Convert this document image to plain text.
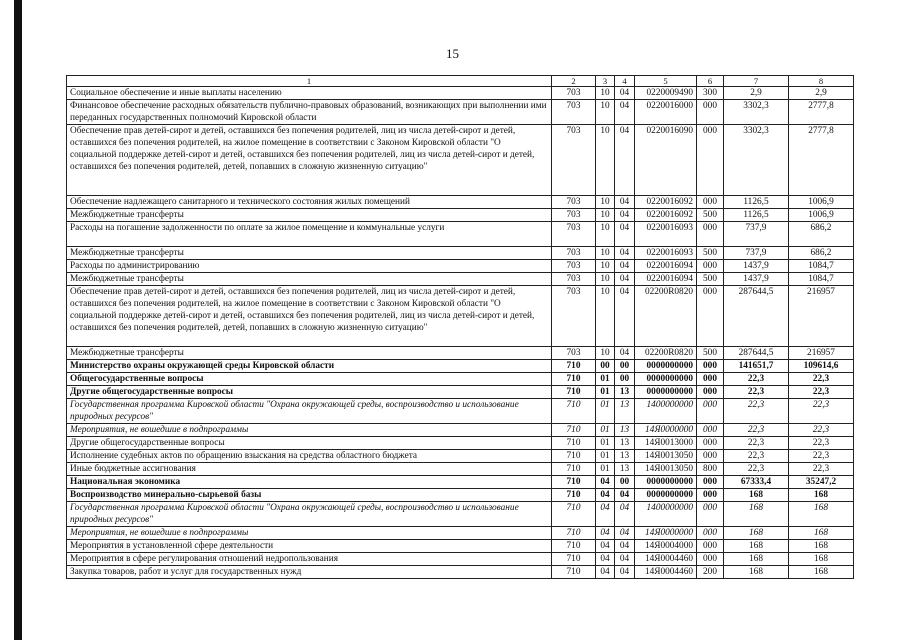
15
1	2	3	4	5	6	7	8
Социальное обеспечение и иные выплаты населению	703	10	04	0220009490	300	2,9	2,9
Финансовое обеспечение расходных обязательств публично-правовых образований, возникающих при выполнении ими переданных государственных полномочий Кировской области	703	10	04	0220016000	000	3302,3	2777,8
Обеспечение прав детей-сирот и детей, оставшихся без попечения родителей, лиц из числа детей-сирот и детей, оставшихся без попечения родителей, на жилое помещение в соответствии с Законом Кировской области "О социальной поддержке детей-сирот и детей, оставшихся без попечения родителей, лиц из числа детей-сирот и детей, оставшихся без попечения родителей, детей, попавших в сложную жизненную ситуацию"	703	10	04	0220016090	000	3302,3	2777,8
Обеспечение надлежащего санитарного и технического состояния жилых помещений	703	10	04	0220016092	000	1126,5	1006,9
Межбюджетные трансферты	703	10	04	0220016092	500	1126,5	1006,9
Расходы на погашение задолженности по оплате за жилое помещение и коммунальные услуги	703	10	04	0220016093	000	737,9	686,2
Межбюджетные трансферты	703	10	04	0220016093	500	737,9	686,2
Расходы по администрированию	703	10	04	0220016094	000	1437,9	1084,7
Межбюджетные трансферты	703	10	04	0220016094	500	1437,9	1084,7
Обеспечение прав детей-сирот и детей, оставшихся без попечения родителей, лиц из числа детей-сирот и детей, оставшихся без попечения родителей, на жилое помещение в соответствии с Законом Кировской области "О социальной поддержке детей-сирот и детей, оставшихся без попечения родителей, лиц из числа детей-сирот и детей, оставшихся без попечения родителей, детей, попавших в сложную жизненную ситуацию"	703	10	04	02200R0820	000	287644,5	216957
Межбюджетные трансферты	703	10	04	02200R0820	500	287644,5	216957
Министерство охраны окружающей среды Кировской области	710	00	00	0000000000	000	141651,7	109614,6
Общегосударственные вопросы	710	01	00	0000000000	000	22,3	22,3
Другие общегосударственные вопросы	710	01	13	0000000000	000	22,3	22,3
Государственная программа Кировской области "Охрана окружающей среды, воспроизводство и использование природных ресурсов"	710	01	13	1400000000	000	22,3	22,3
Мероприятия, не вошедшие в подпрограммы	710	01	13	14Я0000000	000	22,3	22,3
Другие общегосударственные вопросы	710	01	13	14Я0013000	000	22,3	22,3
Исполнение судебных актов по обращению взыскания на средства областного бюджета	710	01	13	14Я0013050	000	22,3	22,3
Иные бюджетные ассигнования	710	01	13	14Я0013050	800	22,3	22,3
Национальная экономика	710	04	00	0000000000	000	67333,4	35247,2
Воспроизводство минерально-сырьевой базы	710	04	04	0000000000	000	168	168
Государственная программа Кировской области "Охрана окружающей среды, воспроизводство и использование природных ресурсов"	710	04	04	1400000000	000	168	168
Мероприятия, не вошедшие в подпрограммы	710	04	04	14Я0000000	000	168	168
Мероприятия в установленной сфере деятельности	710	04	04	14Я0004000	000	168	168
Мероприятия в сфере регулирования отношений недропользования	710	04	04	14Я0004460	000	168	168
Закупка товаров, работ и услуг для государственных нужд	710	04	04	14Я0004460	200	168	168
